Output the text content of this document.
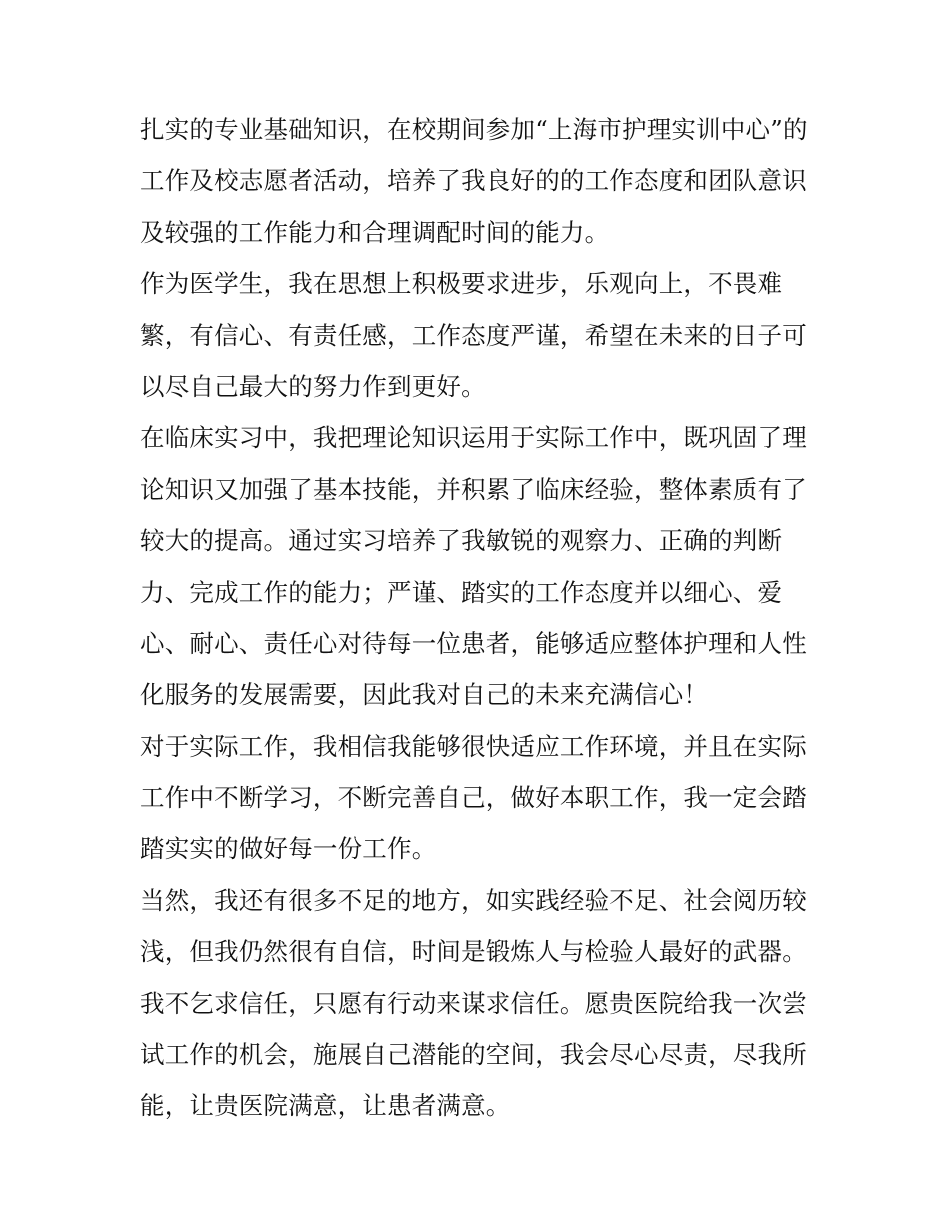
扎实的专业基础知识，在校期间参加“上海市护理实训中心”的
工作及校志愿者活动，培养了我良好的的工作态度和团队意识
及较强的工作能力和合理调配时间的能力。
作为医学生，我在思想上积极要求进步，乐观向上，不畏难
繁，有信心、有责任感，工作态度严谨，希望在未来的日子可
以尽自己最大的努力作到更好。
在临床实习中，我把理论知识运用于实际工作中，既巩固了理
论知识又加强了基本技能，并积累了临床经验，整体素质有了
较大的提高。通过实习培养了我敏锐的观察力、正确的判断
力、完成工作的能力；严谨、踏实的工作态度并以细心、爱
心、耐心、责任心对待每一位患者，能够适应整体护理和人性
化服务的发展需要，因此我对自己的未来充满信心！
对于实际工作，我相信我能够很快适应工作环境，并且在实际
工作中不断学习，不断完善自己，做好本职工作，我一定会踏
踏实实的做好每一份工作。
当然，我还有很多不足的地方，如实践经验不足、社会阅历较
浅，但我仍然很有自信，时间是锻炼人与检验人最好的武器。
我不乞求信任，只愿有行动来谋求信任。愿贵医院给我一次尝
试工作的机会，施展自己潜能的空间，我会尽心尽责，尽我所
能，让贵医院满意，让患者满意。
